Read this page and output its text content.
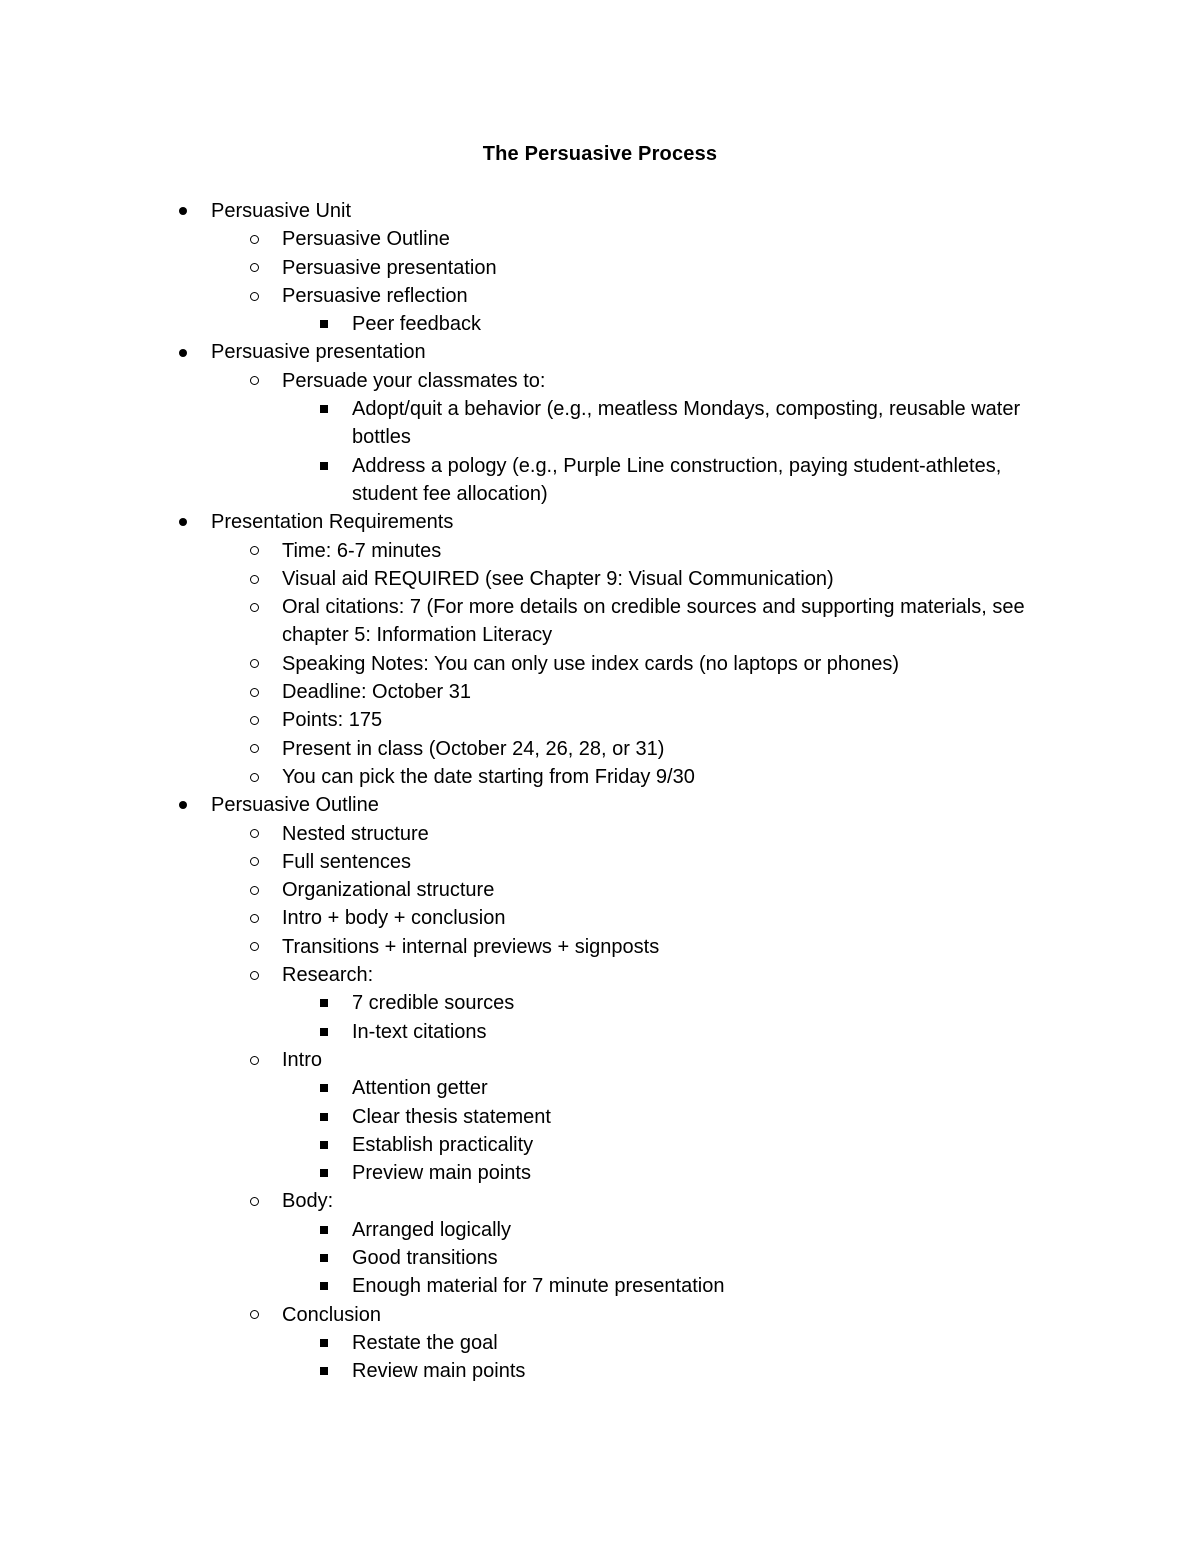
The Persuasive Process
Persuasive Unit
Persuasive Outline
Persuasive presentation
Persuasive reflection
Peer feedback
Persuasive presentation
Persuade your classmates to:
Adopt/quit a behavior (e.g., meatless Mondays, composting, reusable water bottles
Address a pology (e.g., Purple Line construction, paying student-athletes, student fee allocation)
Presentation Requirements
Time: 6-7 minutes
Visual aid REQUIRED (see Chapter 9: Visual Communication)
Oral citations: 7 (For more details on credible sources and supporting materials, see chapter 5: Information Literacy
Speaking Notes: You can only use index cards (no laptops or phones)
Deadline: October 31
Points: 175
Present in class (October 24, 26, 28, or 31)
You can pick the date starting from Friday 9/30
Persuasive Outline
Nested structure
Full sentences
Organizational structure
Intro + body + conclusion
Transitions + internal previews + signposts
Research:
7 credible sources
In-text citations
Intro
Attention getter
Clear thesis statement
Establish practicality
Preview main points
Body:
Arranged logically
Good transitions
Enough material for 7 minute presentation
Conclusion
Restate the goal
Review main points
